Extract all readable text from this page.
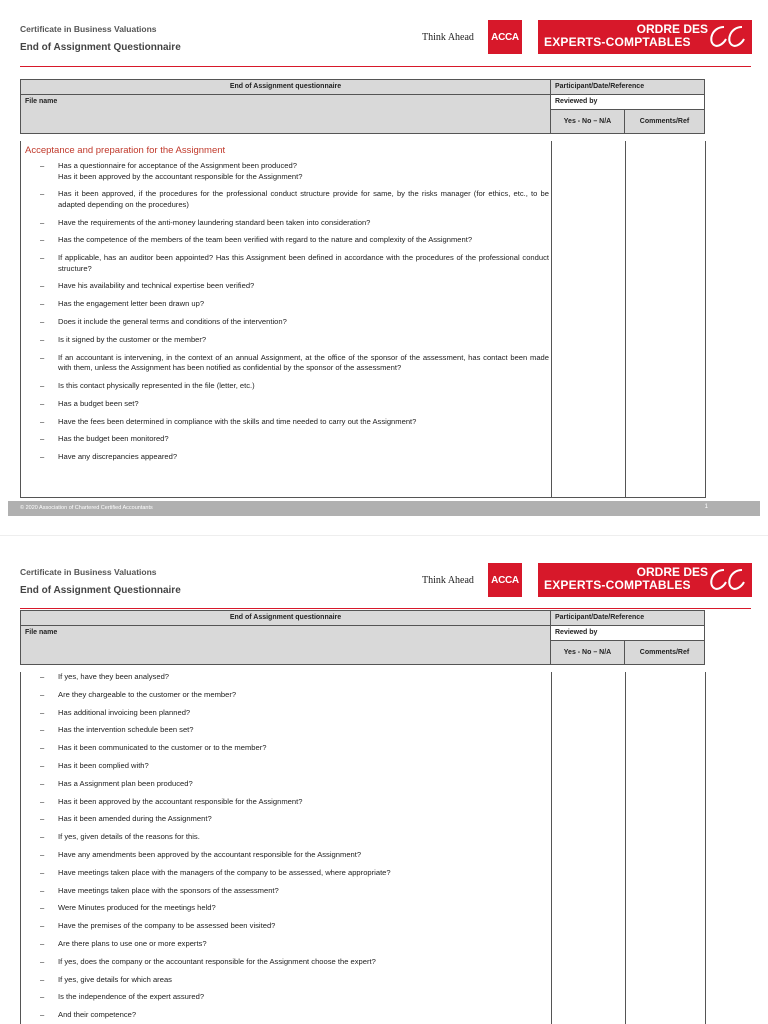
Certificate in Business Valuations
End of Assignment Questionnaire
Think Ahead ACCA
ORDRE DES
EXPERTS-COMPTABLES
End of Assignment questionnaire	Participant/Date/Reference	
File name	Reviewed by	
	Yes - No – N/A	Comments/Ref
Acceptance and preparation for the Assignment
– Has a questionnaire for acceptance of the Assignment been produced?
Has it been approved by the accountant responsible for the Assignment?
– Has it been approved, if the procedures for the professional conduct structure provide for same, by the risks manager (for ethics, etc., to be adapted depending on the procedures)
– Have the requirements of the anti-money laundering standard been taken into consideration?
– Has the competence of the members of the team been verified with regard to the nature and complexity of the Assignment?
– If applicable, has an auditor been appointed? Has this Assignment been defined in accordance with the procedures of the professional conduct structure?
– Have his availability and technical expertise been verified?
– Has the engagement letter been drawn up?
– Does it include the general terms and conditions of the intervention?
– Is it signed by the customer or the member?
– If an accountant is intervening, in the context of an annual Assignment, at the office of the sponsor of the assessment, has contact been made with them, unless the Assignment has been notified as confidential by the sponsor of the assessment?
– Is this contact physically represented in the file (letter, etc.)
– Has a budget been set?
– Have the fees been determined in compliance with the skills and time needed to carry out the Assignment?
– Has the budget been monitored?
– Have any discrepancies appeared?
© 2020 Association of Chartered Certified Accountants	1
Certificate in Business Valuations
End of Assignment Questionnaire
Think Ahead ACCA
ORDRE DES
EXPERTS-COMPTABLES
End of Assignment questionnaire	Participant/Date/Reference	
File name	Reviewed by	
	Yes - No – N/A	Comments/Ref
– If yes, have they been analysed?
– Are they chargeable to the customer or the member?
– Has additional invoicing been planned?
– Has the intervention schedule been set?
– Has it been communicated to the customer or to the member?
– Has it been complied with?
– Has a Assignment plan been produced?
– Has it been approved by the accountant responsible for the Assignment?
– Has it been amended during the Assignment?
– If yes, given details of the reasons for this.
– Have any amendments been approved by the accountant responsible for the Assignment?
– Have meetings taken place with the managers of the company to be assessed, where appropriate?
– Have meetings taken place with the sponsors of the assessment?
– Were Minutes produced for the meetings held?
– Have the premises of the company to be assessed been visited?
– Are there plans to use one or more experts?
– If yes, does the company or the accountant responsible for the Assignment choose the expert?
– If yes, give details for which areas
– Is the independence of the expert assured?
– And their competence?
